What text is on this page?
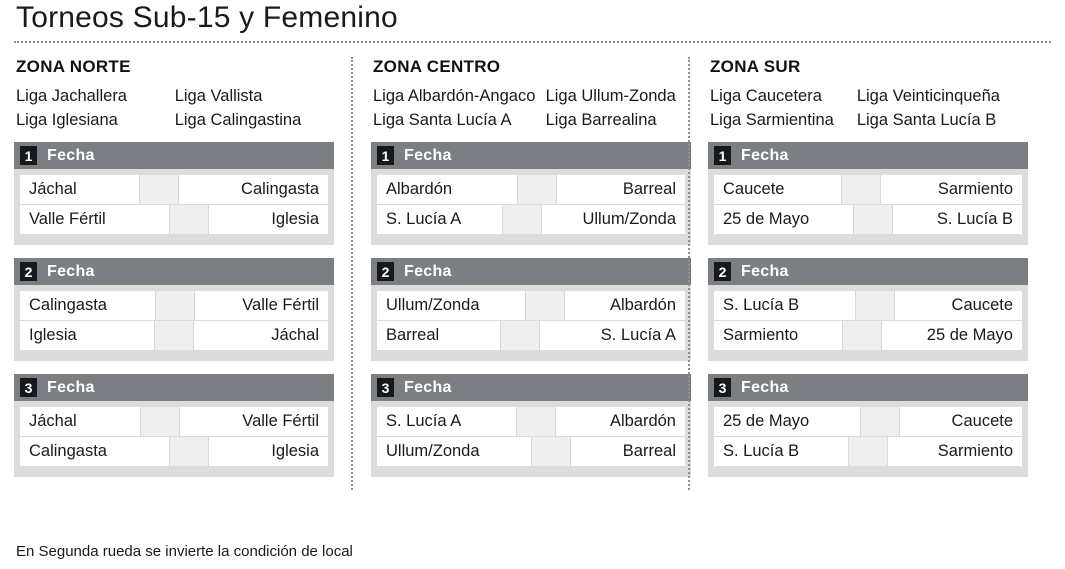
Torneos Sub-15 y Femenino
ZONA NORTE
Liga Jachallera	Liga Vallista
Liga Iglesiana	Liga Calingastina
1 Fecha
Jáchal	Calingasta
Valle Fértil	Iglesia
2 Fecha
Calingasta	Valle Fértil
Iglesia	Jáchal
3 Fecha
Jáchal	Valle Fértil
Calingasta	Iglesia
ZONA CENTRO
Liga Albardón-Angaco Liga Ullum-Zonda
Liga Santa Lucía A	Liga Barrealina
1 Fecha
Albardón	Barreal
S. Lucía A	Ullum/Zonda
2 Fecha
Ullum/Zonda	Albardón
Barreal	S. Lucía A
3 Fecha
S. Lucía A	Albardón
Ullum/Zonda	Barreal
ZONA SUR
Liga Caucetera	Liga Veinticinqueña
Liga Sarmientina	Liga Santa Lucía B
1 Fecha
Caucete	Sarmiento
25 de Mayo	S. Lucía B
2 Fecha
S. Lucía B	Caucete
Sarmiento	25 de Mayo
3 Fecha
25 de Mayo	Caucete
S. Lucía B	Sarmiento
En Segunda rueda se invierte la condición de local
